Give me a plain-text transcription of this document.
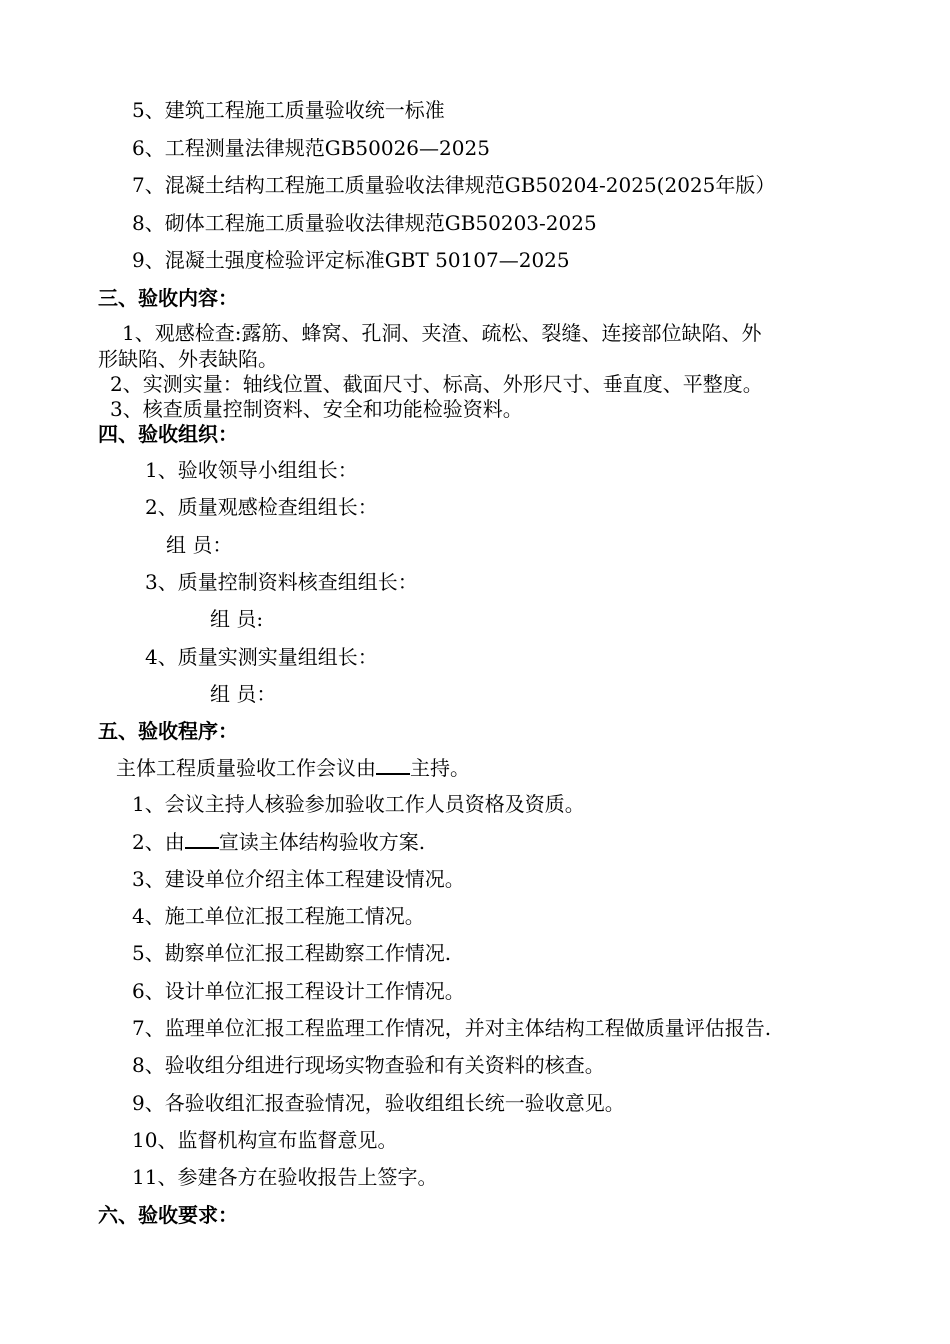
5、建筑工程施工质量验收统一标准
6、工程测量法律规范GB50026—2025
7、混凝土结构工程施工质量验收法律规范GB50204-2025(2025年版）
8、砌体工程施工质量验收法律规范GB50203-2025
9、混凝土强度检验评定标准GBT 50107—2025
三、验收内容：
1、观感检查:露筋、蜂窝、孔洞、夹渣、疏松、裂缝、连接部位缺陷、外
形缺陷、外表缺陷。
2、实测实量：轴线位置、截面尺寸、标高、外形尺寸、垂直度、平整度。
3、核查质量控制资料、安全和功能检验资料。
四、验收组织：
1、验收领导小组组长：
2、质量观感检查组组长：
组 员：
3、质量控制资料核查组组长：
组 员:
4、质量实测实量组组长：
组 员：
五、验收程序：
主体工程质量验收工作会议由 主持。
1、会议主持人核验参加验收工作人员资格及资质。
2、由 宣读主体结构验收方案.
3、建设单位介绍主体工程建设情况。
4、施工单位汇报工程施工情况。
5、勘察单位汇报工程勘察工作情况.
6、设计单位汇报工程设计工作情况。
7、监理单位汇报工程监理工作情况，并对主体结构工程做质量评估报告.
8、验收组分组进行现场实物查验和有关资料的核查。
9、各验收组汇报查验情况，验收组组长统一验收意见。
10、监督机构宣布监督意见。
11、参建各方在验收报告上签字。
六、验收要求：
